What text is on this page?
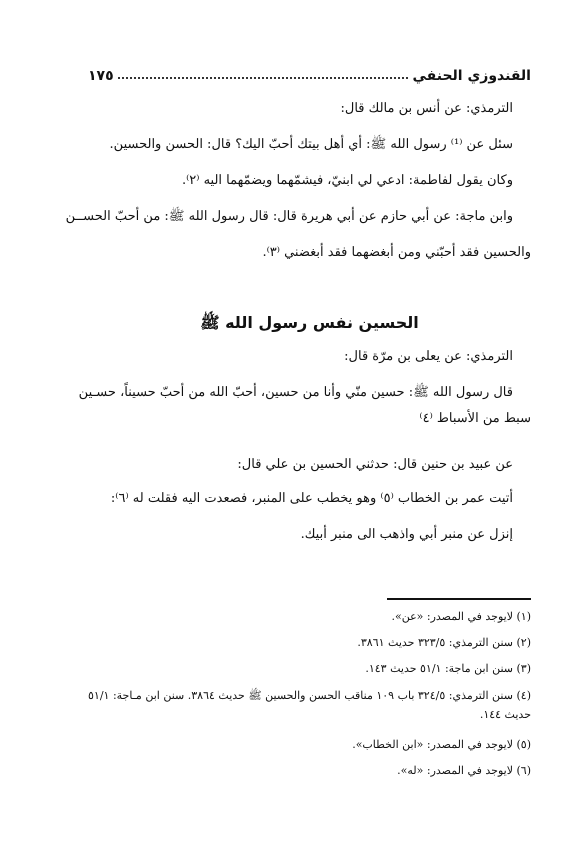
القندوزي الحنفي
١٧٥
الترمذي: عن أنس بن مالك قال:
سئل عن ⁽¹⁾ رسول الله ﷺ: أي أهل بيتك أحبّ اليك؟ قال: الحسن والحسين.
وكان يقول لفاطمة: ادعي لي ابنيّ، فيشمّهما ويضمّهما اليه ⁽٢⁾.
وابن ماجة: عن أبي حازم عن أبي هريرة قال: قال رسول الله ﷺ: من أحبّ الحســن
والحسين فقد أحبّني ومن أبغضهما فقد أبغضني ⁽٣⁾.
الحسين نفس رسول الله ﷺ
الترمذي: عن يعلى بن مرّة قال:
قال رسول الله ﷺ: حسين منّي وأنا من حسين، أحبّ الله من أحبّ حسيناً، حسـين
سبط من الأسباط ⁽٤⁾
عن عبيد بن حنين قال: حدثني الحسين بن علي قال:
أتيت عمر بن الخطاب ⁽٥⁾ وهو يخطب على المنبر، فصعدت اليه فقلت له ⁽٦⁾:
إنزل عن منبر أبي واذهب الى منبر أبيك.
(١) لايوجد في المصدر: «عن».
(٢) سنن الترمذي: ٣٢٣/٥ حديث ٣٨٦١.
(٣) سنن ابن ماجة: ٥١/١ حديث ١٤٣.
(٤) سنن الترمذي: ٣٢٤/٥ باب ١٠٩ مناقب الحسن والحسين ﷺ حديث ٣٨٦٤. سنن ابن مـاجة: ٥١/١ حديث ١٤٤.
(٥) لايوجد في المصدر: «ابن الخطاب».
(٦) لايوجد في المصدر: «له».
